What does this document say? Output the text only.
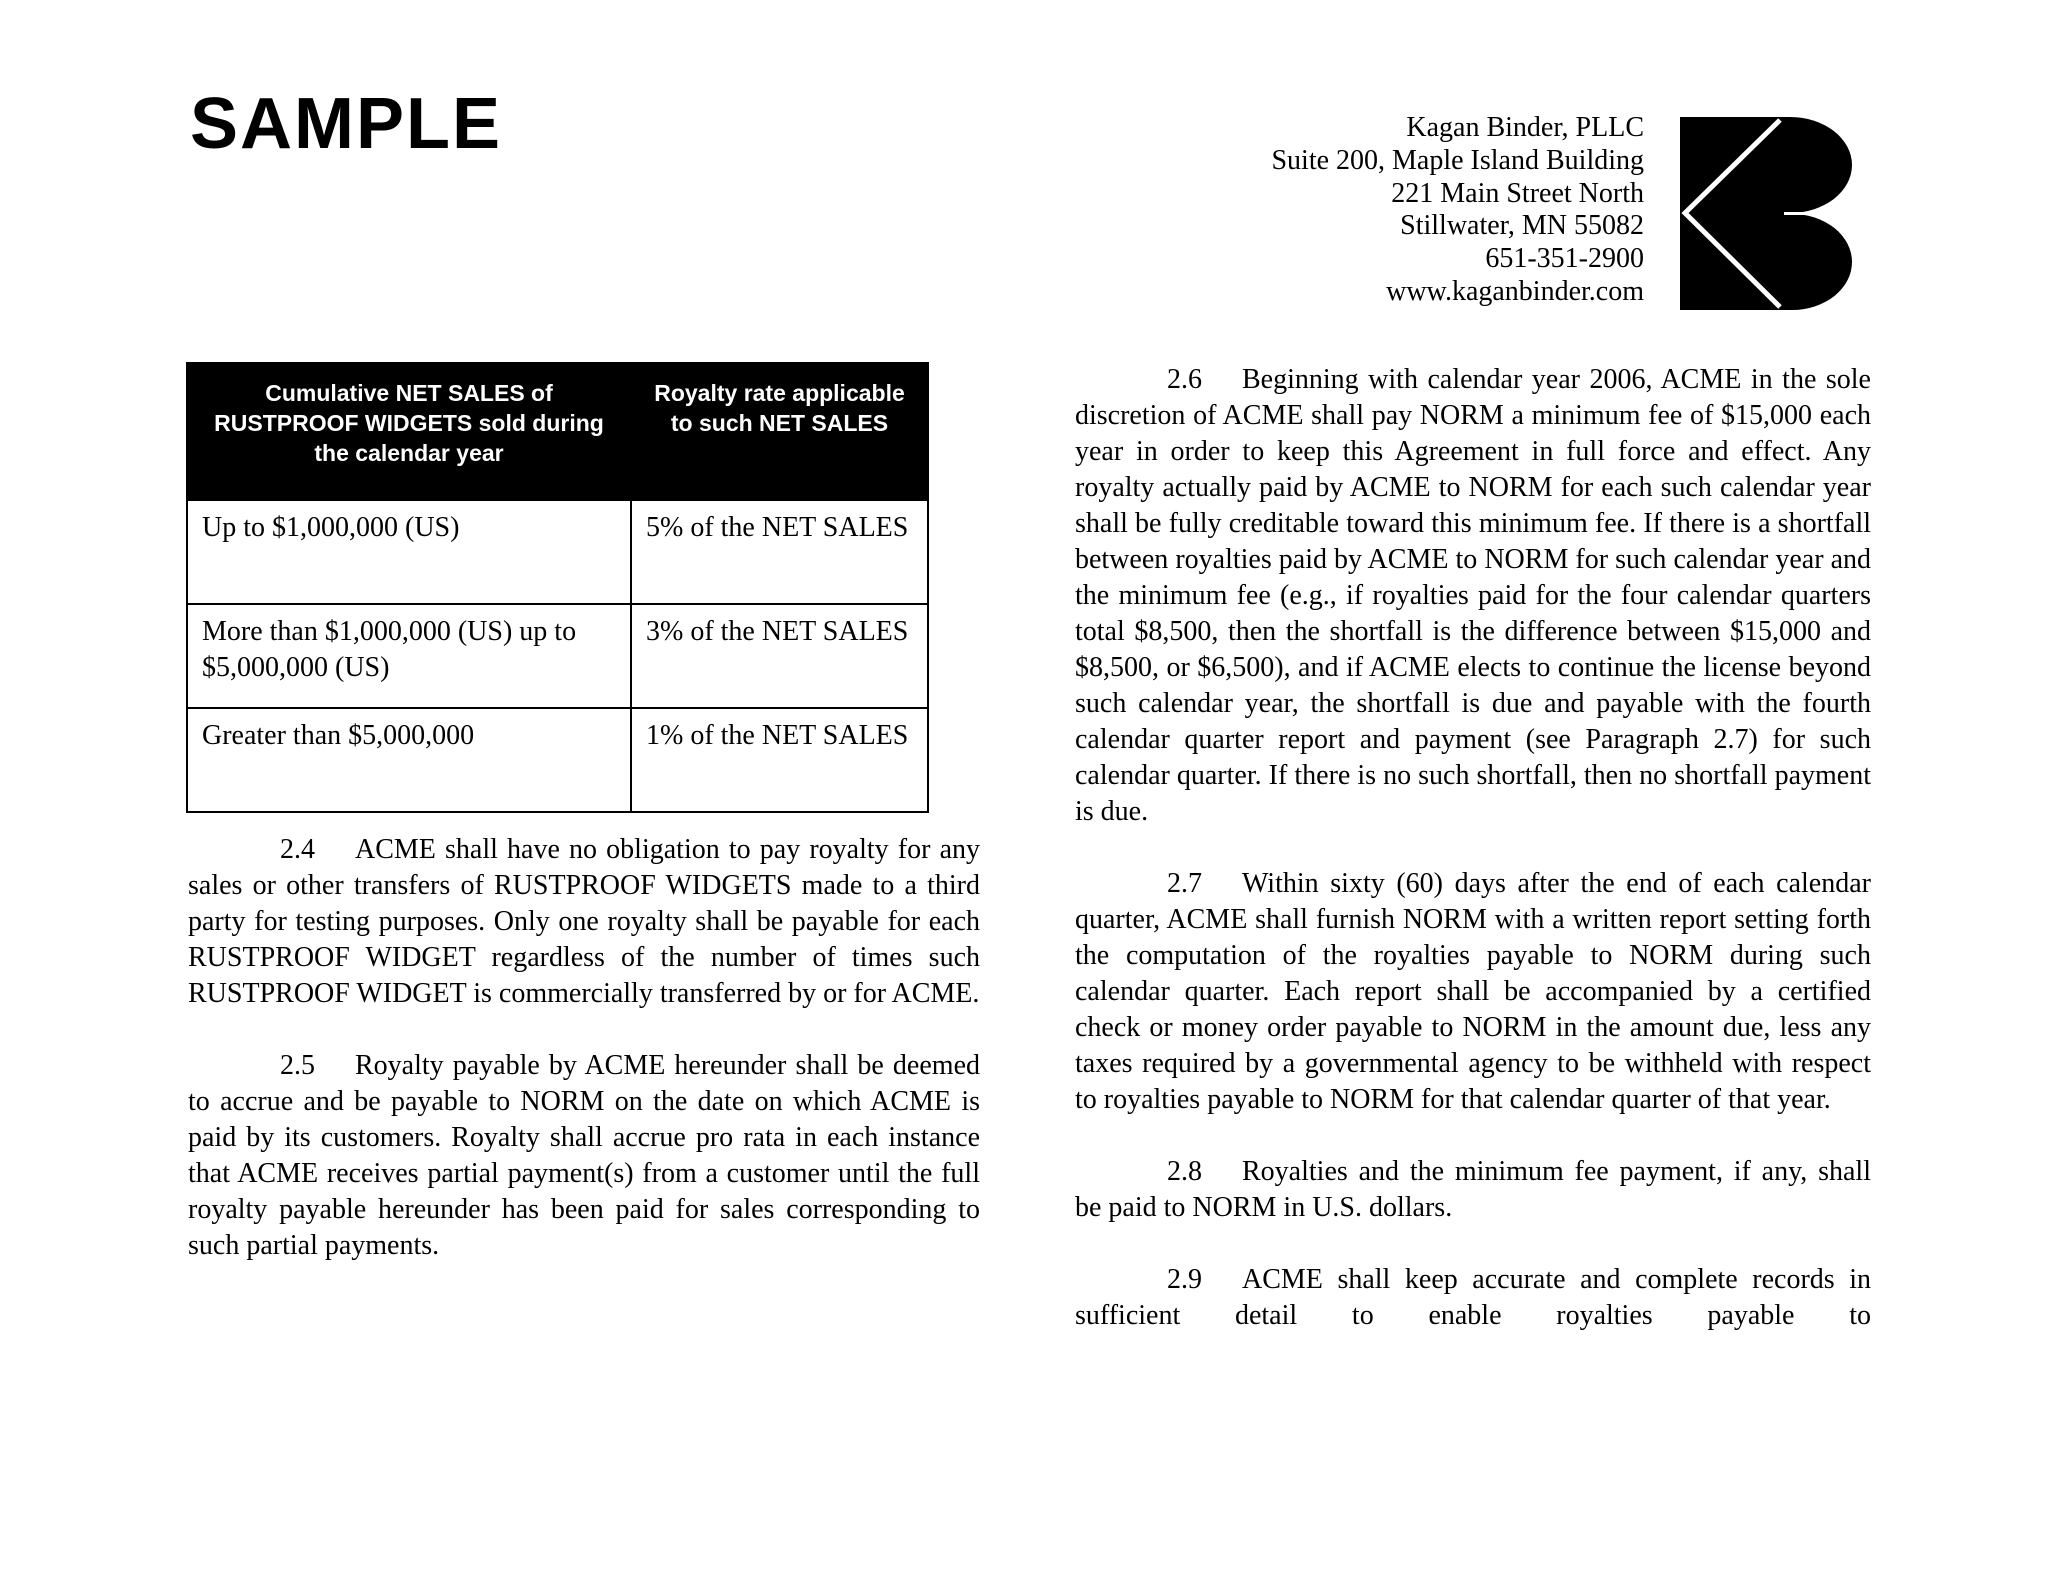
SAMPLE	Kagan Binder, PLLC
Suite 200, Maple Island Building
221 Main Street North
Stillwater, MN 55082
651-351-2900
www.kaganbinder.com
Cumulative NET SALES of RUSTPROOF WIDGETS sold during the calendar year	Royalty rate applicable to such NET SALES
Up to $1,000,000 (US)	5% of the NET SALES
More than $1,000,000 (US) up to $5,000,000 (US)	3% of the NET SALES
Greater than $5,000,000	1% of the NET SALES

2.4 ACME shall have no obligation to pay royalty for any sales or other transfers of RUSTPROOF WIDGETS made to a third party for testing purposes. Only one royalty shall be payable for each RUSTPROOF WIDGET regardless of the number of times such RUSTPROOF WIDGET is commercially transferred by or for ACME.

2.5 Royalty payable by ACME hereunder shall be deemed to accrue and be payable to NORM on the date on which ACME is paid by its customers. Royalty shall accrue pro rata in each instance that ACME receives partial payment(s) from a customer until the full royalty payable hereunder has been paid for sales corresponding to such partial payments.

2.6 Beginning with calendar year 2006, ACME in the sole discretion of ACME shall pay NORM a minimum fee of $15,000 each year in order to keep this Agreement in full force and effect. Any royalty actually paid by ACME to NORM for each such calendar year shall be fully creditable toward this minimum fee. If there is a shortfall between royalties paid by ACME to NORM for such calendar year and the minimum fee (e.g., if royalties paid for the four calendar quarters total $8,500, then the shortfall is the difference between $15,000 and $8,500, or $6,500), and if ACME elects to continue the license beyond such calendar year, the shortfall is due and payable with the fourth calendar quarter report and payment (see Paragraph 2.7) for such calendar quarter. If there is no such shortfall, then no shortfall payment is due.

2.7 Within sixty (60) days after the end of each calendar quarter, ACME shall furnish NORM with a written report setting forth the computation of the royalties payable to NORM during such calendar quarter. Each report shall be accompanied by a certified check or money order payable to NORM in the amount due, less any taxes required by a governmental agency to be withheld with respect to royalties payable to NORM for that calendar quarter of that year.

2.8 Royalties and the minimum fee payment, if any, shall be paid to NORM in U.S. dollars.

2.9 ACME shall keep accurate and complete records in sufficient detail to enable royalties payable to
